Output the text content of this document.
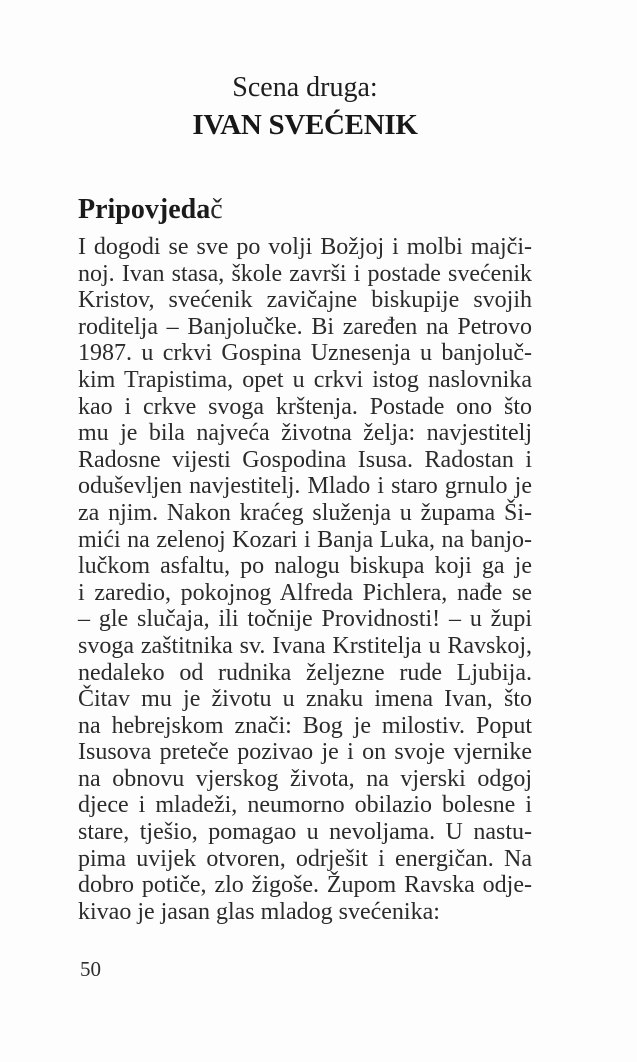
Scena druga:
IVAN SVEĆENIK
Pripovjedač
I dogodi se sve po volji Božjoj i molbi majči-
noj. Ivan stasa, škole završi i postade svećenik
Kristov, svećenik zavičajne biskupije svojih
roditelja – Banjolučke. Bi zaređen na Petrovo
1987. u crkvi Gospina Uznesenja u banjoluč-
kim Trapistima, opet u crkvi istog naslovnika
kao i crkve svoga krštenja. Postade ono što
mu je bila najveća životna želja: navjestitelj
Radosne vijesti Gospodina Isusa. Radostan i
oduševljen navjestitelj. Mlado i staro grnulo je
za njim. Nakon kraćeg služenja u župama Ši-
mići na zelenoj Kozari i Banja Luka, na banjo-
lučkom asfaltu, po nalogu biskupa koji ga je
i zaredio, pokojnog Alfreda Pichlera, nađe se
– gle slučaja, ili točnije Providnosti! – u župi
svoga zaštitnika sv. Ivana Krstitelja u Ravskoj,
nedaleko od rudnika željezne rude Ljubija.
Čitav mu je životu u znaku imena Ivan, što
na hebrejskom znači: Bog je milostiv. Poput
Isusova preteče pozivao je i on svoje vjernike
na obnovu vjerskog života, na vjerski odgoj
djece i mladeži, neumorno obilazio bolesne i
stare, tješio, pomagao u nevoljama. U nastu-
pima uvijek otvoren, odrješit i energičan. Na
dobro potiče, zlo žigoše. Župom Ravska odje-
kivao je jasan glas mladog svećenika:
50
